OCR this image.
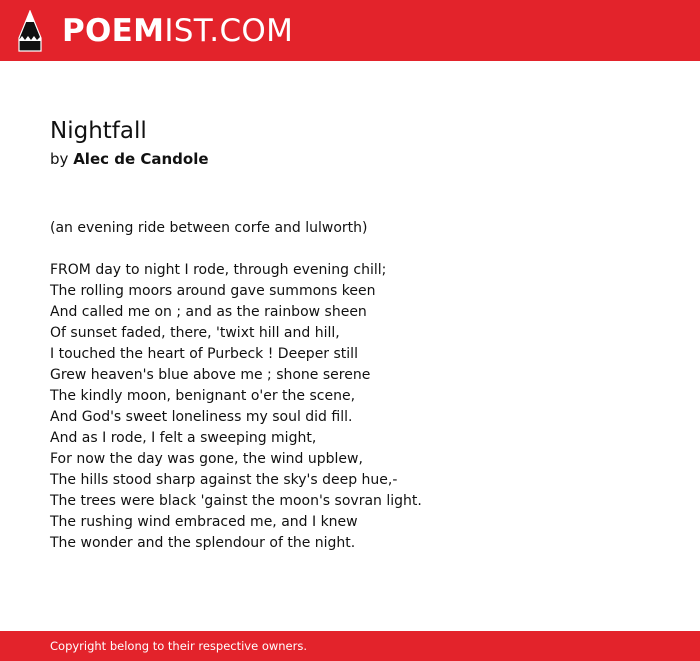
POEMIST.COM
Nightfall
by Alec de Candole
(an evening ride between corfe and lulworth)
FROM day to night I rode, through evening chill;
The rolling moors around gave summons keen
And called me on ; and as the rainbow sheen
Of sunset faded, there, 'twixt hill and hill,
I touched the heart of Purbeck ! Deeper still
Grew heaven's blue above me ; shone serene
The kindly moon, benignant o'er the scene,
And God's sweet loneliness my soul did fill.
And as I rode, I felt a sweeping might,
For now the day was gone, the wind upblew,
The hills stood sharp against the sky's deep hue,-
The trees were black 'gainst the moon's sovran light.
The rushing wind embraced me, and I knew
The wonder and the splendour of the night.
Copyright belong to their respective owners.
